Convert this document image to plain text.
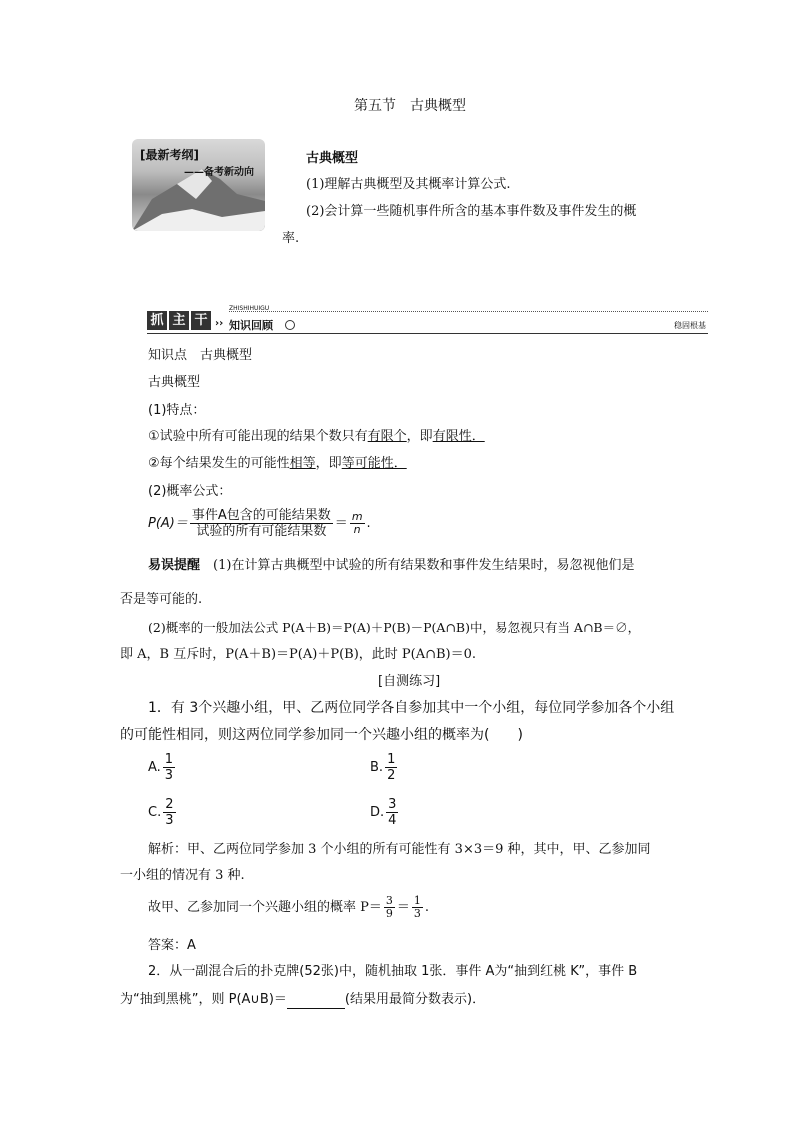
第五节　古典概型
[最新考纲]
——备考新动向
古典概型
(1)理解古典概型及其概率计算公式.
(2)会计算一些随机事件所含的基本事件数及事件发生的概
率.
抓 主 干
ZHISHIHUIGU
›› 知识回顾	稳固根基
知识点　古典概型
古典概型
(1)特点：
①试验中所有可能出现的结果个数只有有限个，即有限性．
②每个结果发生的可能性相等，即等可能性．
(2)概率公式：
$P(A)= \frac{\text{事件A包含的可能结果数}}{\text{试验的所有可能结果数}} = \frac{m}{n}$ .
易误提醒　 (1)在计算古典概型中试验的所有结果数和事件发生结果时，易忽视他们是
否是等可能的.
(2)概率的一般加法公式 P(A＋B)＝P(A)＋P(B)－P(A∩B)中，易忽视只有当 A∩B＝∅，
即 A，B 互斥时，P(A＋B)＝P(A)＋P(B)，此时 P(A∩B)＝0.
[自测练习]
1．有 3个兴趣小组，甲、乙两位同学各自参加其中一个小组，每位同学参加各个小组
的可能性相同，则这两位同学参加同一个兴趣小组的概率为(　　)
A. $\frac{1}{3}$	B. $\frac{1}{2}$
C. $\frac{2}{3}$	D. $\frac{3}{4}$
解析：甲、乙两位同学参加 3 个小组的所有可能性有 3×3＝9 种，其中，甲、乙参加同
一小组的情况有 3 种.
故甲、乙参加同一个兴趣小组的概率 $P= \frac{3}{9} = \frac{1}{3}$ .
答案：A
2．从一副混合后的扑克牌(52张)中，随机抽取 1张．事件 A为“抽到红桃 K”，事件 B
为“抽到黑桃”，则 P(A∪B)＝	(结果用最简分数表示)．
